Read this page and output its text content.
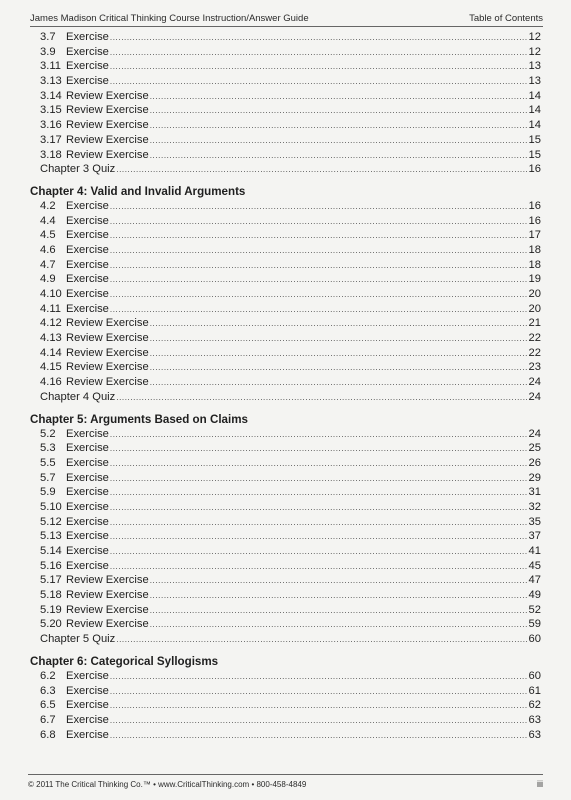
James Madison Critical Thinking Course Instruction/Answer Guide	Table of Contents
3.7 Exercise .....	12
3.9 Exercise .....	12
3.11 Exercise .....	13
3.13 Exercise .....	13
3.14 Review Exercise .....	14
3.15 Review Exercise .....	14
3.16 Review Exercise .....	14
3.17 Review Exercise .....	15
3.18 Review Exercise .....	15
Chapter 3 Quiz .....	16
Chapter 4: Valid and Invalid Arguments
4.2 Exercise .....	16
4.4 Exercise .....	16
4.5 Exercise .....	17
4.6 Exercise .....	18
4.7 Exercise .....	18
4.9 Exercise .....	19
4.10 Exercise .....	20
4.11 Exercise .....	20
4.12 Review Exercise .....	21
4.13 Review Exercise .....	22
4.14 Review Exercise .....	22
4.15 Review Exercise .....	23
4.16 Review Exercise .....	24
Chapter 4 Quiz .....	24
Chapter 5: Arguments Based on Claims
5.2 Exercise .....	24
5.3 Exercise .....	25
5.5 Exercise .....	26
5.7 Exercise .....	29
5.9 Exercise .....	31
5.10 Exercise .....	32
5.12 Exercise .....	35
5.13 Exercise .....	37
5.14 Exercise .....	41
5.16 Exercise .....	45
5.17 Review Exercise .....	47
5.18 Review Exercise .....	49
5.19 Review Exercise .....	52
5.20 Review Exercise .....	59
Chapter 5 Quiz .....	60
Chapter 6: Categorical Syllogisms
6.2 Exercise .....	60
6.3 Exercise .....	61
6.5 Exercise .....	62
6.7 Exercise .....	63
6.8 Exercise .....	63
© 2011 The Critical Thinking Co.™ • www.CriticalThinking.com • 800-458-4849	iii
